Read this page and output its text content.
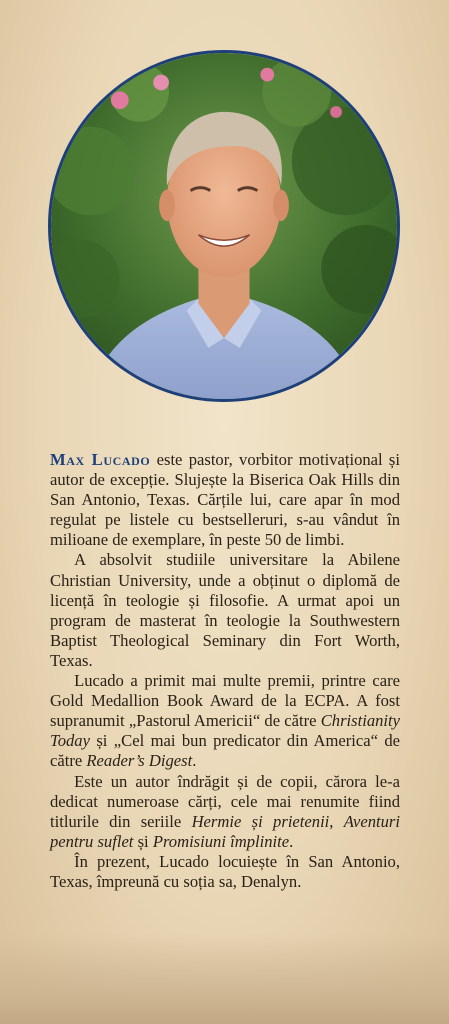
Max Lucado este pastor, vorbitor motivațional și autor de excepție. Slujește la Biserica Oak Hills din San Antonio, Texas. Cărțile lui, care apar în mod regulat pe listele cu bestselleruri, s-au vândut în milioane de exemplare, în peste 50 de limbi.

A absolvit studiile universitare la Abilene Christian University, unde a obținut o diplomă de licență în teologie și filosofie. A urmat apoi un program de masterat în teologie la Southwestern Baptist Theological Seminary din Fort Worth, Texas.

Lucado a primit mai multe premii, printre care Gold Medallion Book Award de la ECPA. A fost supranumit „Pastorul Americii“ de către Christianity Today și „Cel mai bun predicator din America“ de către Reader’s Digest.

Este un autor îndrăgit și de copii, cărora le-a dedicat numeroase cărți, cele mai renumite fiind titlurile din seriile Hermie și prietenii, Aventuri pentru suflet și Promisiuni împlinite.

În prezent, Lucado locuiește în San Antonio, Texas, împreună cu soția sa, Denalyn.
